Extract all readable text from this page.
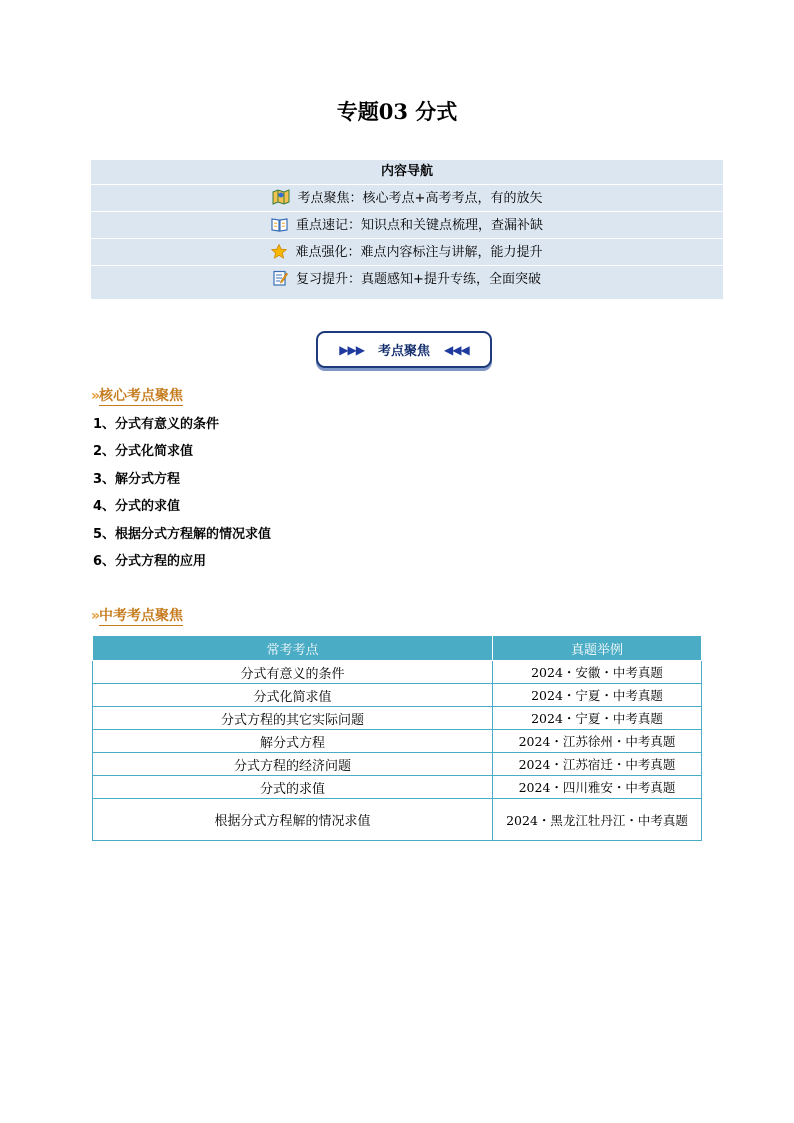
专题03 分式
内容导航
考点聚焦：核心考点+高考考点，有的放矢
重点速记：知识点和关键点梳理，查漏补缺
难点强化：难点内容标注与讲解，能力提升
复习提升：真题感知+提升专练，全面突破
▶▶▶ 考点聚焦 ◀◀◀
» 核心考点聚焦
1、分式有意义的条件
2、分式化简求值
3、解分式方程
4、分式的求值
5、根据分式方程解的情况求值
6、分式方程的应用
» 中考考点聚焦
常考考点	真题举例
分式有意义的条件	2024・安徽・中考真题
分式化简求值	2024・宁夏・中考真题
分式方程的其它实际问题	2024・宁夏・中考真题
解分式方程	2024・江苏徐州・中考真题
分式方程的经济问题	2024・江苏宿迁・中考真题
分式的求值	2024・四川雅安・中考真题
根据分式方程解的情况求值	2024・黑龙江牡丹江・中考真题
